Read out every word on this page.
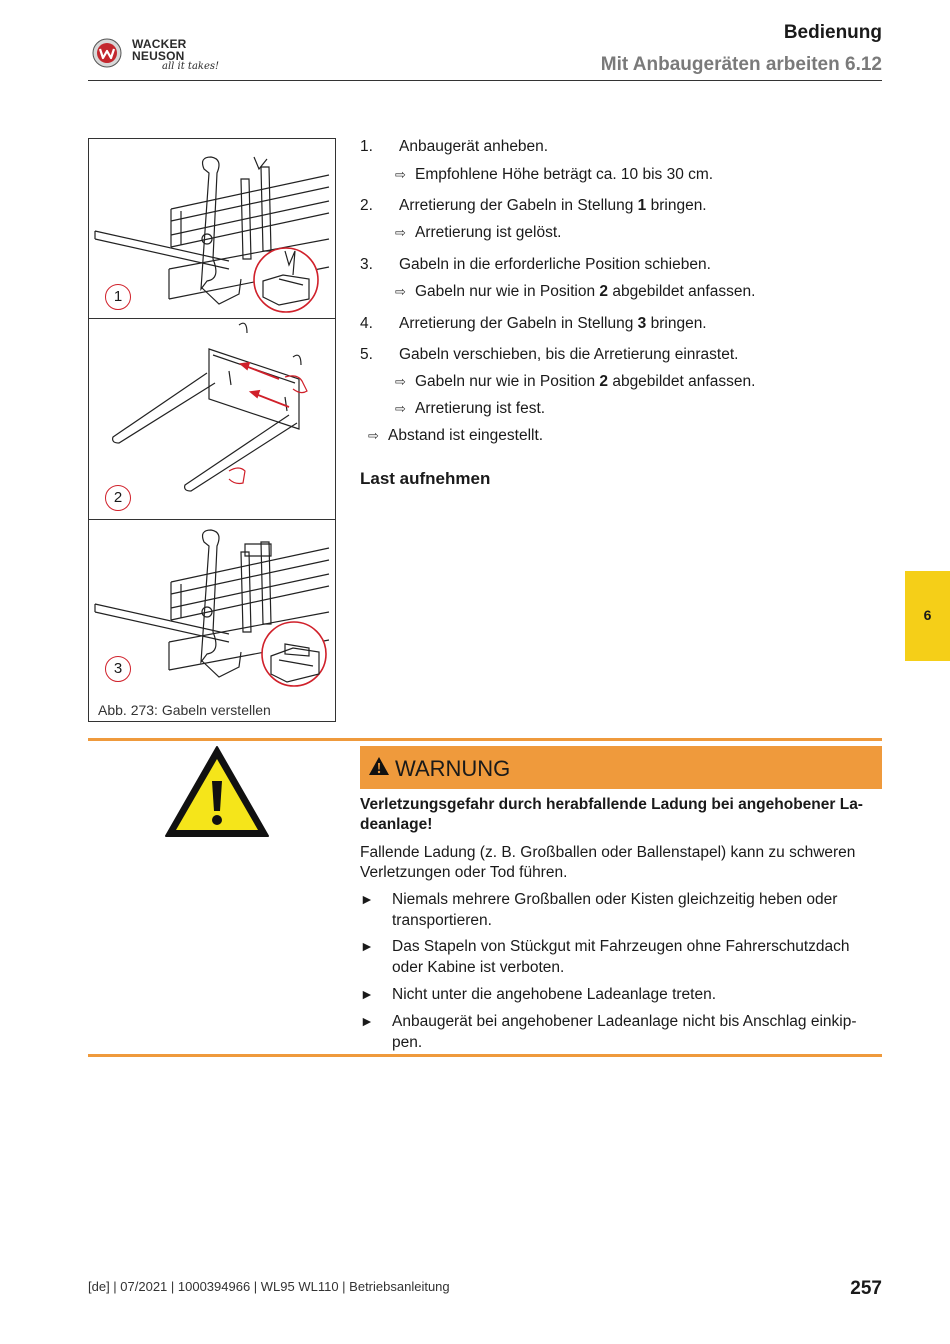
WACKER
NEUSON
all it takes!
Bedienung
Mit Anbaugeräten arbeiten 6.12
1
2
3
Abb. 273: Gabeln verstellen
1. Anbaugerät anheben.
⇨ Empfohlene Höhe beträgt ca. 10 bis 30 cm.
2. Arretierung der Gabeln in Stellung 1 bringen.
⇨ Arretierung ist gelöst.
3. Gabeln in die erforderliche Position schieben.
⇨ Gabeln nur wie in Position 2 abgebildet anfassen.
4. Arretierung der Gabeln in Stellung 3 bringen.
5. Gabeln verschieben, bis die Arretierung einrastet.
⇨ Gabeln nur wie in Position 2 abgebildet anfassen.
⇨ Arretierung ist fest.
⇨ Abstand ist eingestellt.
Last aufnehmen
6
WARNUNG
Verletzungsgefahr durch herabfallende Ladung bei angehobener La-deanlage!
Fallende Ladung (z. B. Großballen oder Ballenstapel) kann zu schweren Verletzungen oder Tod führen.
► Niemals mehrere Großballen oder Kisten gleichzeitig heben oder transportieren.
► Das Stapeln von Stückgut mit Fahrzeugen ohne Fahrerschutzdach oder Kabine ist verboten.
► Nicht unter die angehobene Ladeanlage treten.
► Anbaugerät bei angehobener Ladeanlage nicht bis Anschlag einkip-pen.
[de] | 07/2021 | 1000394966 | WL95 WL110 | Betriebsanleitung	257
